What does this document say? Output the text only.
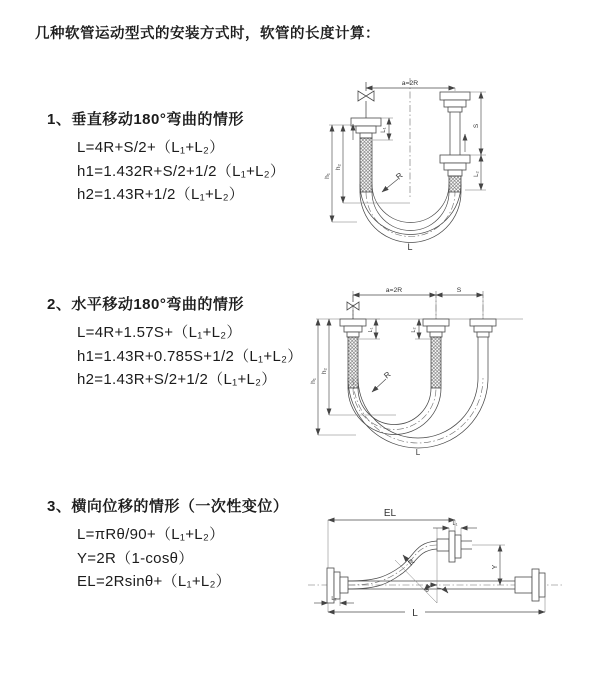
几种软管运动型式的安装方式时，软管的长度计算：
1、垂直移动180°弯曲的情形
L=4R+S/2+（L₁+L₂）
h1=1.432R+S/2+1/2（L₁+L₂）
h2=1.43R+1/2（L₁+L₂）
2、水平移动180°弯曲的情形
L=4R+1.57S+（L₁+L₂）
h1=1.43R+0.785S+1/2（L₁+L₂）
h2=1.43R+S/2+1/2（L₁+L₂）
3、横向位移的情形（一次性变位）
L=πRθ/90+（L₁+L₂）
Y=2R（1-cosθ）
EL=2Rsinθ+（L₁+L₂）
a=2R
h₁
h₂
S
L₂
L₁
R
L
a=2R	S
h₁
h₂
L₁	L₂
R
L
θ
EL
L₁
Y
L
L₂
R
